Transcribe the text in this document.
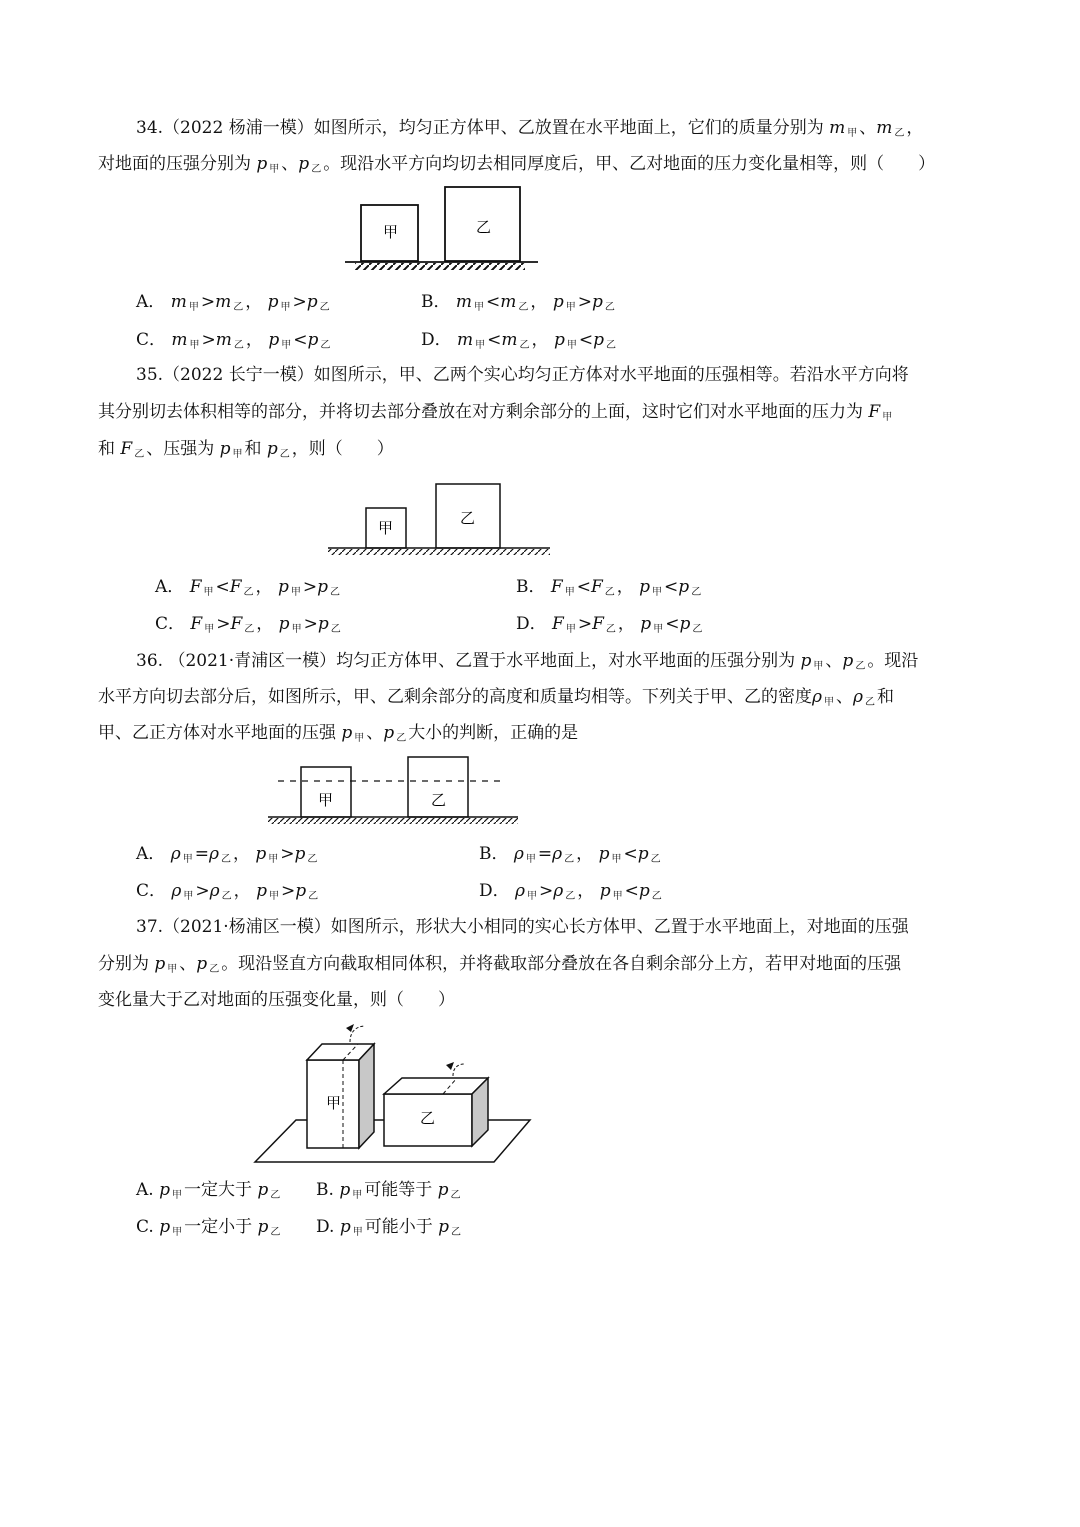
34.（2022 杨浦一模）如图所示，均匀正方体甲、乙放置在水平地面上，它们的质量分别为 m $_甲$ 、m $_乙$ ，
对地面的压强分别为 p $_甲$ 、p $_乙$ 。现沿水平方向均切去相同厚度后，甲、乙对地面的压力变化量相等，则（　　）
甲	乙
A． m $_甲$ >m $_乙$ ， p $_甲$ >p $_乙$	B． m $_甲$ <m $_乙$ ， p $_甲$ >p $_乙$
C． m $_甲$ >m $_乙$ ， p $_甲$ <p $_乙$	D． m $_甲$ <m $_乙$ ， p $_甲$ <p $_乙$
35.（2022 长宁一模）如图所示，甲、乙两个实心均匀正方体对水平地面的压强相等。若沿水平方向将
其分别切去体积相等的部分，并将切去部分叠放在对方剩余部分的上面，这时它们对水平地面的压力为 F $_甲$
和 F $_乙$ 、压强为 p $_甲$ 和 p $_乙$ ，则（　　）
甲
乙
A． F $_甲$ <F $_乙$ ， p $_甲$ >p $_乙$	B． F $_甲$ <F $_乙$ ， p $_甲$ <p $_乙$
C． F $_甲$ >F $_乙$ ， p $_甲$ >p $_乙$	D． F $_甲$ >F $_乙$ ， p $_甲$ <p $_乙$
36. （2021·青浦区一模）均匀正方体甲、乙置于水平地面上，对水平地面的压强分别为 p $_甲$ 、p $_乙$ 。现沿
水平方向切去部分后，如图所示，甲、乙剩余部分的高度和质量均相等。下列关于甲、乙的密度ρ $_甲$ 、ρ $_乙$ 和
甲、乙正方体对水平地面的压强 p $_甲$ 、p $_乙$ 大小的判断，正确的是
甲	乙
A． ρ $_甲$ =ρ $_乙$ ， p $_甲$ >p $_乙$	B． ρ $_甲$ =ρ $_乙$ ， p $_甲$ <p $_乙$
C． ρ $_甲$ >ρ $_乙$ ， p $_甲$ >p $_乙$	D． ρ $_甲$ >ρ $_乙$ ， p $_甲$ <p $_乙$
37.（2021·杨浦区一模）如图所示，形状大小相同的实心长方体甲、乙置于水平地面上，对地面的压强
分别为 p $_甲$ 、p $_乙$ 。现沿竖直方向截取相同体积，并将截取部分叠放在各自剩余部分上方，若甲对地面的压强
变化量大于乙对地面的压强变化量，则（　　）
甲
乙
A. p $_甲$ 一定大于 p $_乙$ B. p $_甲$ 可能等于 p $_乙$
C. p $_甲$ 一定小于 p $_乙$ D. p $_甲$ 可能小于 p $_乙$
